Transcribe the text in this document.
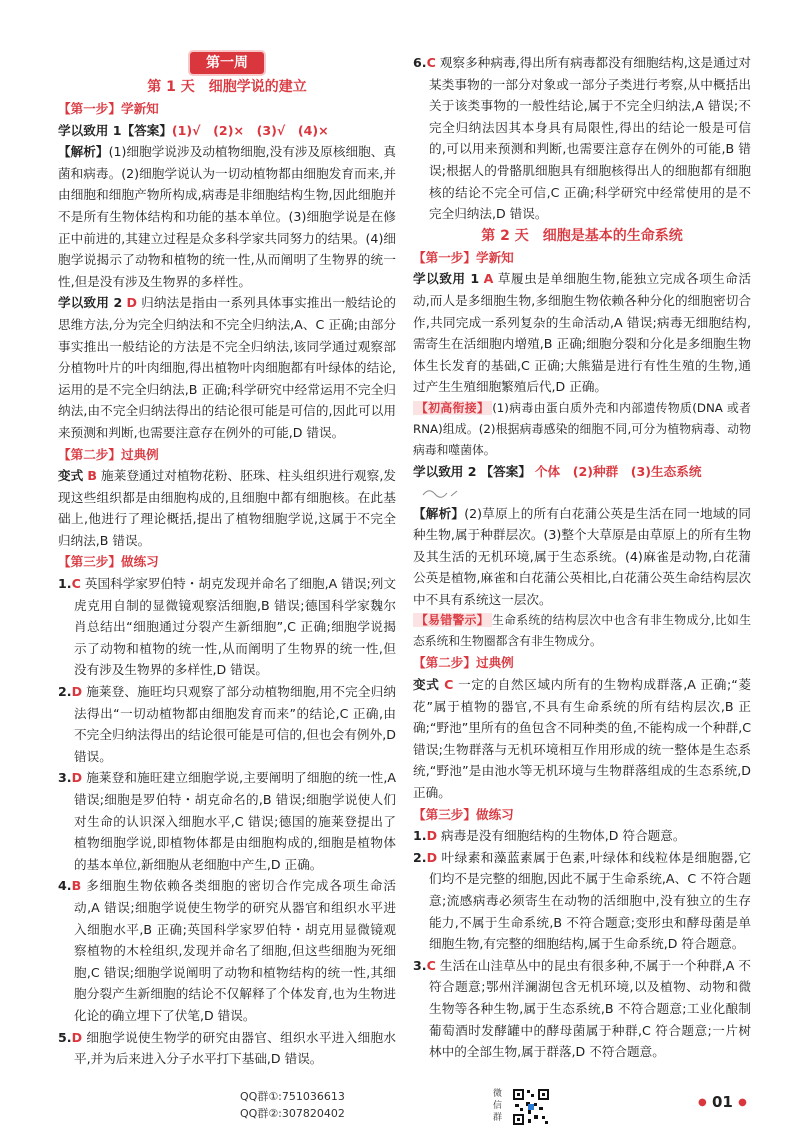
第一周
第 1 天　细胞学说的建立
【第一步】学新知

学以致用 1【答案】(1)√　(2)×　(3)√　(4)×

【解析】(1)细胞学说涉及动植物细胞,没有涉及原核细胞、真菌和病毒。(2)细胞学说认为一切动植物都由细胞发育而来,并由细胞和细胞产物所构成,病毒是非细胞结构生物,因此细胞并不是所有生物体结构和功能的基本单位。(3)细胞学说是在修正中前进的,其建立过程是众多科学家共同努力的结果。(4)细胞学说揭示了动物和植物的统一性,从而阐明了生物界的统一性,但是没有涉及生物界的多样性。

学以致用 2 D 归纳法是指由一系列具体事实推出一般结论的思维方法,分为完全归纳法和不完全归纳法,A、C 正确;由部分事实推出一般结论的方法是不完全归纳法,该同学通过观察部分植物叶片的叶肉细胞,得出植物叶肉细胞都有叶绿体的结论,运用的是不完全归纳法,B 正确;科学研究中经常运用不完全归纳法,由不完全归纳法得出的结论很可能是可信的,因此可以用来预测和判断,也需要注意存在例外的可能,D 错误。

【第二步】过典例

变式 B 施莱登通过对植物花粉、胚珠、柱头组织进行观察,发现这些组织都是由细胞构成的,且细胞中都有细胞核。在此基础上,他进行了理论概括,提出了植物细胞学说,这属于不完全归纳法,B 错误。

【第三步】做练习

1.C 英国科学家罗伯特・胡克发现并命名了细胞,A 错误;列文虎克用自制的显微镜观察活细胞,B 错误;德国科学家魏尔肖总结出“细胞通过分裂产生新细胞”,C 正确;细胞学说揭示了动物和植物的统一性,从而阐明了生物界的统一性,但没有涉及生物界的多样性,D 错误。

2.D 施莱登、施旺均只观察了部分动植物细胞,用不完全归纳法得出“一切动植物都由细胞发育而来”的结论,C 正确,由不完全归纳法得出的结论很可能是可信的,但也会有例外,D 错误。

3.D 施莱登和施旺建立细胞学说,主要阐明了细胞的统一性,A 错误;细胞是罗伯特・胡克命名的,B 错误;细胞学说使人们对生命的认识深入细胞水平,C 错误;德国的施莱登提出了植物细胞学说,即植物体都是由细胞构成的,细胞是植物体的基本单位,新细胞从老细胞中产生,D 正确。

4.B 多细胞生物依赖各类细胞的密切合作完成各项生命活动,A 错误;细胞学说使生物学的研究从器官和组织水平进入细胞水平,B 正确;英国科学家罗伯特・胡克用显微镜观察植物的木栓组织,发现并命名了细胞,但这些细胞为死细胞,C 错误;细胞学说阐明了动物和植物结构的统一性,其细胞分裂产生新细胞的结论不仅解释了个体发育,也为生物进化论的确立埋下了伏笔,D 错误。

5.D 细胞学说使生物学的研究由器官、组织水平进入细胞水平,并为后来进入分子水平打下基础,D 错误。

6.C 观察多种病毒,得出所有病毒都没有细胞结构,这是通过对某类事物的一部分对象或一部分子类进行考察,从中概括出关于该类事物的一般性结论,属于不完全归纳法,A 错误;不完全归纳法因其本身具有局限性,得出的结论一般是可信的,可以用来预测和判断,也需要注意存在例外的可能,B 错误;根据人的骨骼肌细胞具有细胞核得出人的细胞都有细胞核的结论不完全可信,C 正确;科学研究中经常使用的是不完全归纳法,D 错误。

第 2 天　细胞是基本的生命系统
【第一步】学新知

学以致用 1 A 草履虫是单细胞生物,能独立完成各项生命活动,而人是多细胞生物,多细胞生物依赖各种分化的细胞密切合作,共同完成一系列复杂的生命活动,A 错误;病毒无细胞结构,需寄生在活细胞内增殖,B 正确;细胞分裂和分化是多细胞生物体生长发育的基础,C 正确;大熊猫是进行有性生殖的生物,通过产生生殖细胞繁殖后代,D 正确。

【初高衔接】 (1)病毒由蛋白质外壳和内部遗传物质(DNA 或者 RNA)组成。(2)根据病毒感染的细胞不同,可分为植物病毒、动物病毒和噬菌体。

学以致用 2 【答案】 个体　(2)种群　(3)生态系统

【解析】(2)草原上的所有白花蒲公英是生活在同一地域的同种生物,属于种群层次。(3)整个大草原是由草原上的所有生物及其生活的无机环境,属于生态系统。(4)麻雀是动物,白花蒲公英是植物,麻雀和白花蒲公英相比,白花蒲公英生命结构层次中不具有系统这一层次。

【易错警示】 生命系统的结构层次中也含有非生物成分,比如生态系统和生物圈都含有非生物成分。

【第二步】过典例

变式 C 一定的自然区域内所有的生物构成群落,A 正确;“菱花”属于植物的器官,不具有生命系统的所有结构层次,B 正确;“野池”里所有的鱼包含不同种类的鱼,不能构成一个种群,C 错误;生物群落与无机环境相互作用形成的统一整体是生态系统,“野池”是由池水等无机环境与生物群落组成的生态系统,D 正确。

【第三步】做练习

1.D 病毒是没有细胞结构的生物体,D 符合题意。

2.D 叶绿素和藻蓝素属于色素,叶绿体和线粒体是细胞器,它们均不是完整的细胞,因此不属于生命系统,A、C 不符合题意;流感病毒必须寄生在动物的活细胞中,没有独立的生存能力,不属于生命系统,B 不符合题意;变形虫和酵母菌是单细胞生物,有完整的细胞结构,属于生命系统,D 符合题意。

3.C 生活在山洼草丛中的昆虫有很多种,不属于一个种群,A 不符合题意;鄂州洋澜湖包含无机环境,以及植物、动物和微生物等各种生物,属于生态系统,B 不符合题意;工业化酿制葡萄酒时发酵罐中的酵母菌属于种群,C 符合题意;一片树林中的全部生物,属于群落,D 不符合题意。

QQ群①:751036613
QQ群②:307820402
微信群
● 01 ●
